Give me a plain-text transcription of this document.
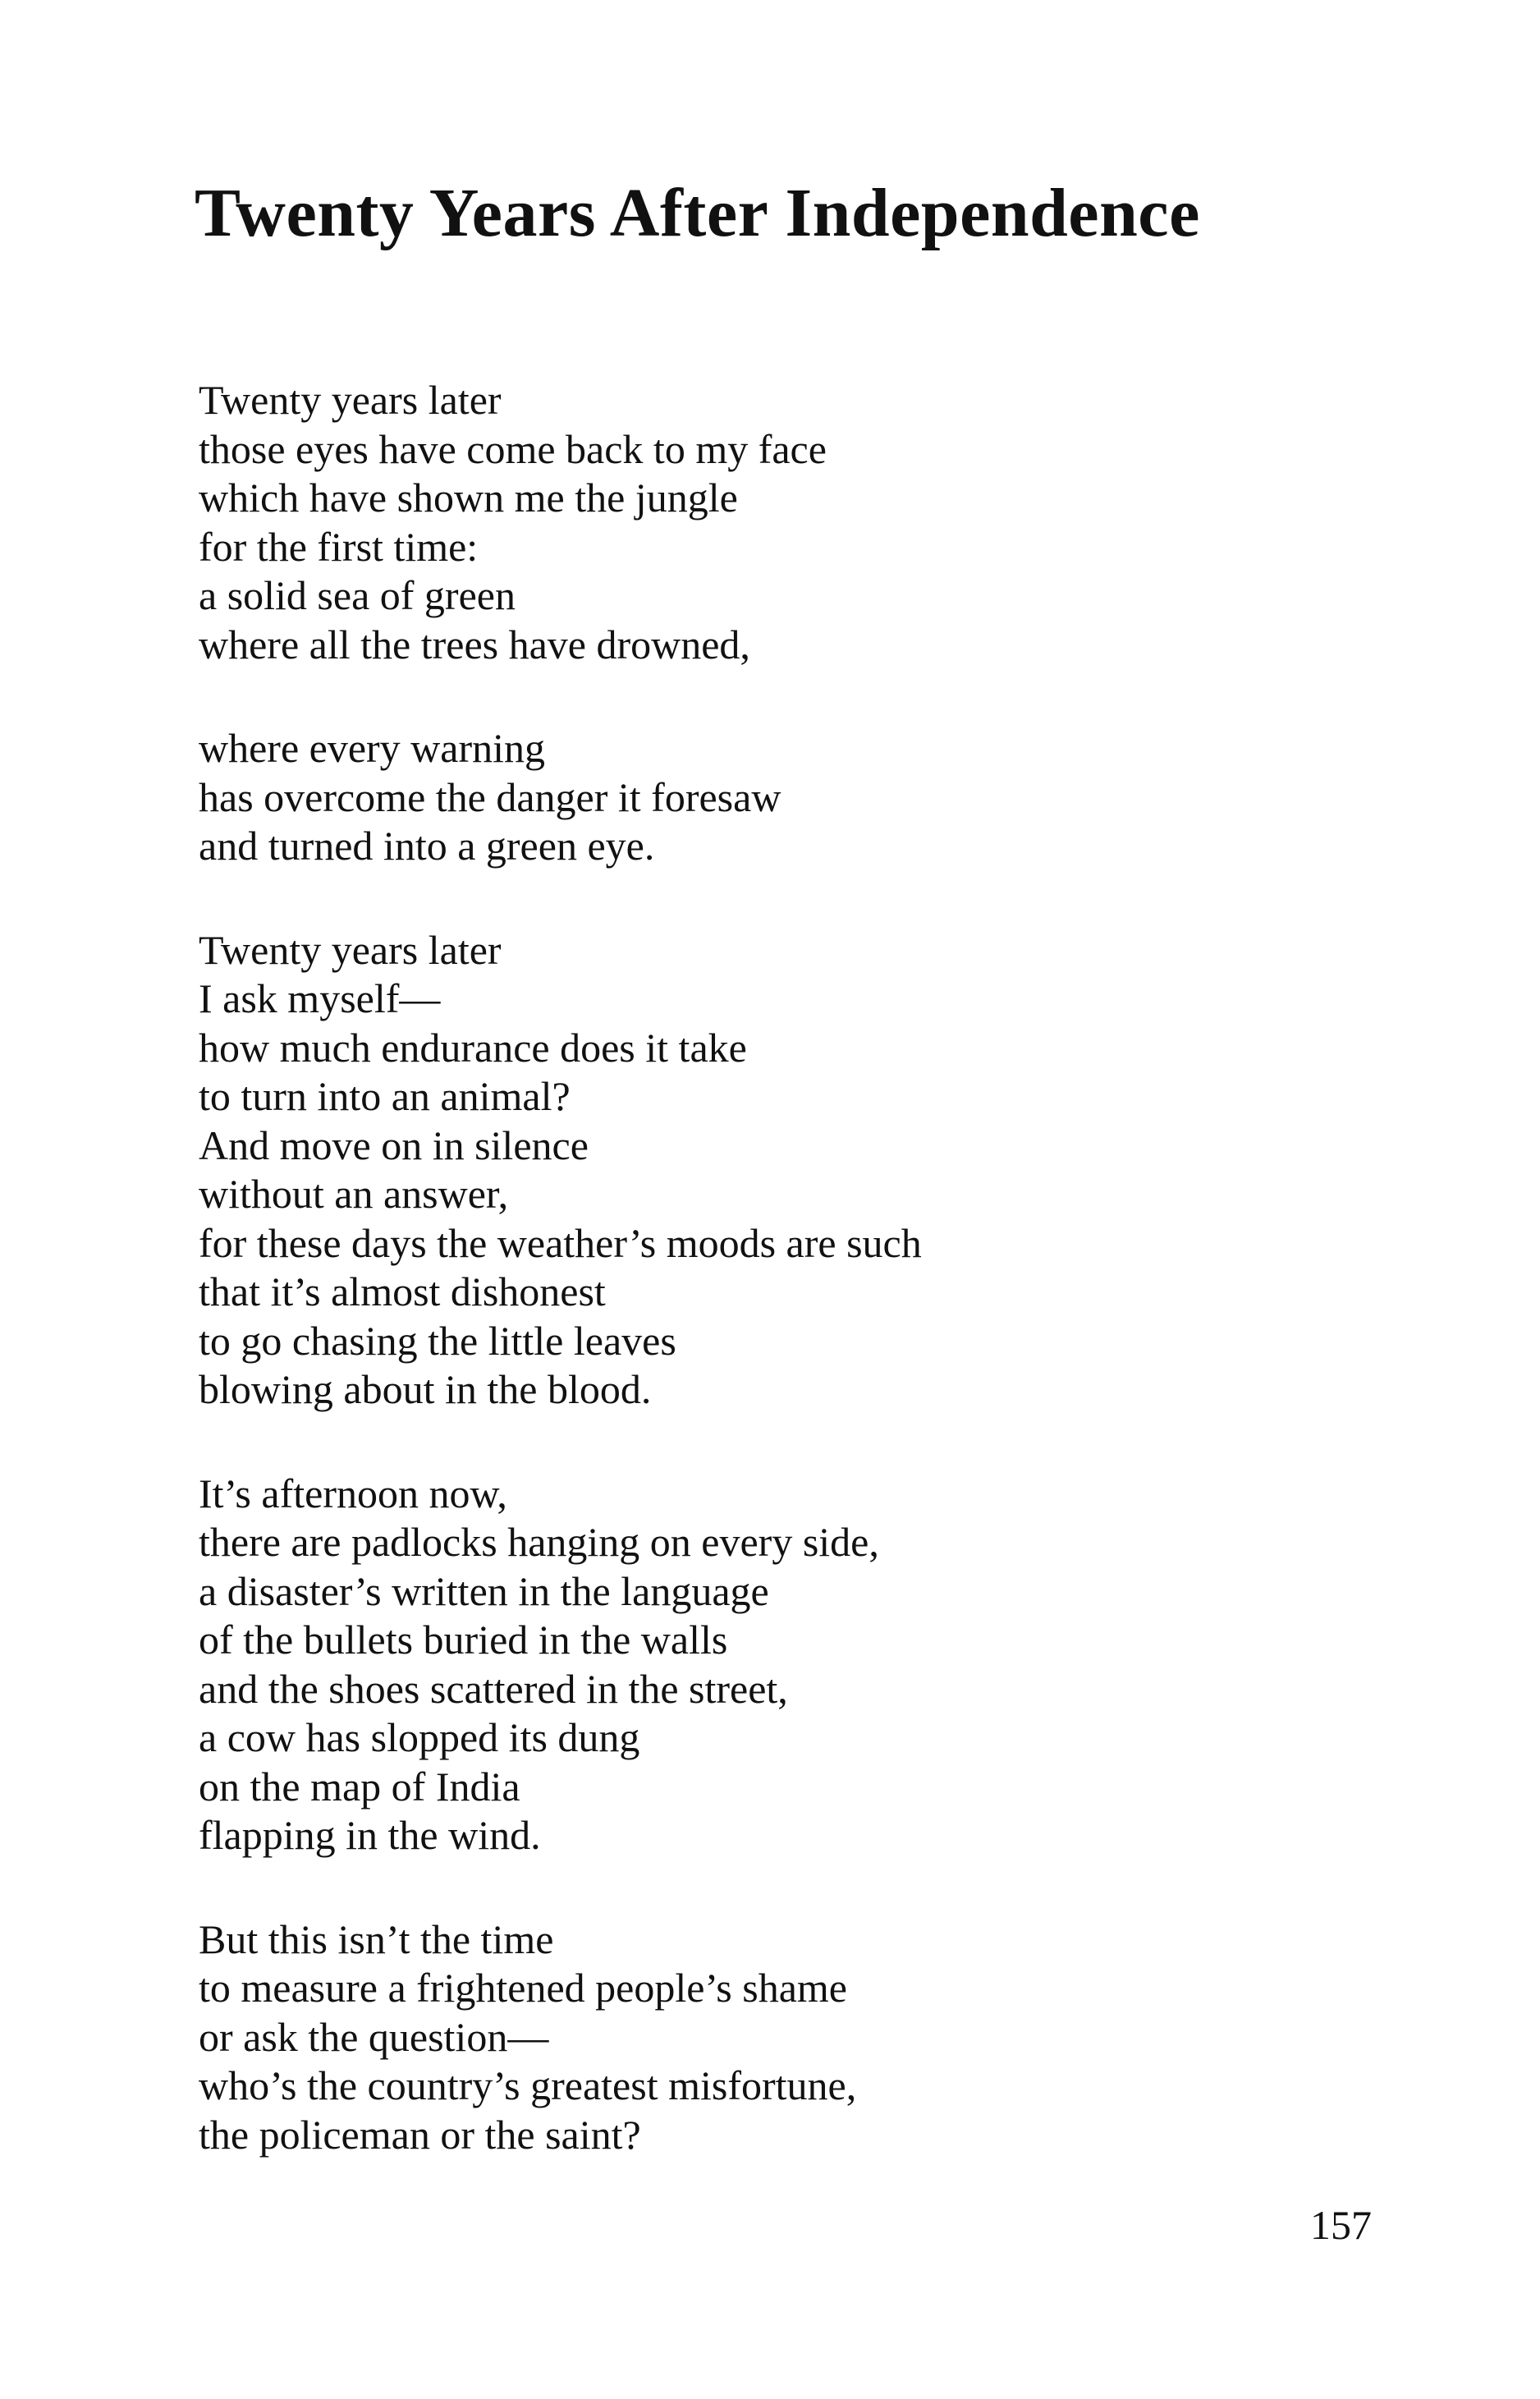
Twenty Years After Independence
Twenty years later
those eyes have come back to my face
which have shown me the jungle
for the first time:
a solid sea of green
where all the trees have drowned,
where every warning
has overcome the danger it foresaw
and turned into a green eye.
Twenty years later
I ask myself—
how much endurance does it take
to turn into an animal?
And move on in silence
without an answer,
for these days the weather’s moods are such
that it’s almost dishonest
to go chasing the little leaves
blowing about in the blood.
It’s afternoon now,
there are padlocks hanging on every side,
a disaster’s written in the language
of the bullets buried in the walls
and the shoes scattered in the street,
a cow has slopped its dung
on the map of India
flapping in the wind.
But this isn’t the time
to measure a frightened people’s shame
or ask the question—
who’s the country’s greatest misfortune,
the policeman or the saint?
157
